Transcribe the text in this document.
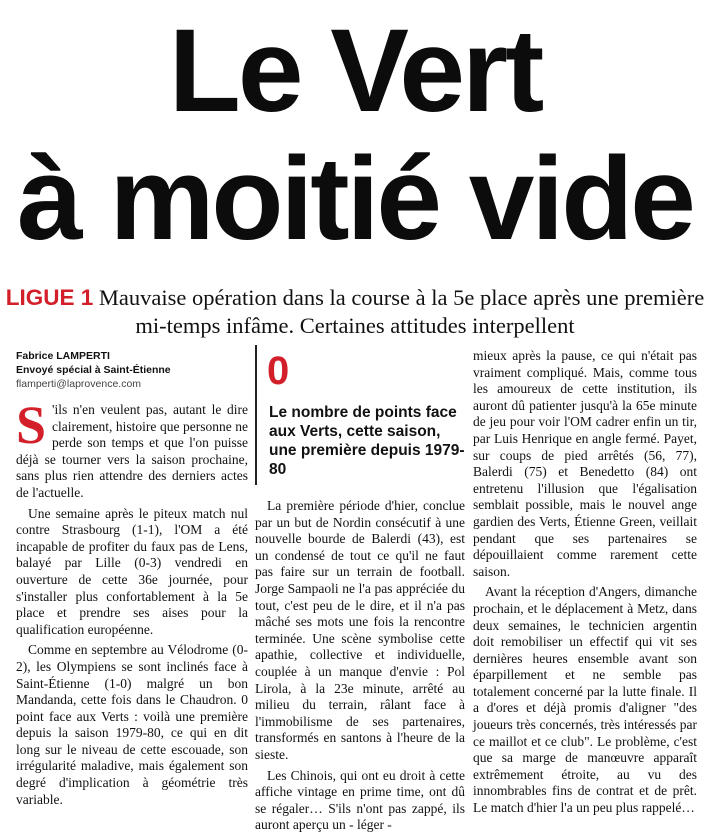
Le Vert
à moitié vide
LIGUE 1 Mauvaise opération dans la course à la 5e place après une première mi-temps infâme. Certaines attitudes interpellent
Fabrice LAMPERTI
Envoyé spécial à Saint-Étienne
flamperti@laprovence.com

S 'ils n'en veulent pas, autant le dire clairement, histoire que personne ne perde son temps et que l'on puisse déjà se tourner vers la saison prochaine, sans plus rien attendre des derniers actes de l'actuelle.

Une semaine après le piteux match nul contre Strasbourg (1-1), l'OM a été incapable de profiter du faux pas de Lens, balayé par Lille (0-3) vendredi en ouverture de cette 36e journée, pour s'installer plus confortablement à la 5e place et prendre ses aises pour la qualification européenne.

Comme en septembre au Vélodrome (0-2), les Olympiens se sont inclinés face à Saint-Étienne (1-0) malgré un bon Mandanda, cette fois dans le Chaudron. 0 point face aux Verts : voilà une première depuis la saison 1979-80, ce qui en dit long sur le niveau de cette escouade, son irrégularité maladive, mais également son degré d'implication à géométrie très variable.

0
Le nombre de points face aux Verts, cette saison, une première depuis 1979-80

La première période d'hier, conclue par un but de Nordin consécutif à une nouvelle bourde de Balerdi (43), est un condensé de tout ce qu'il ne faut pas faire sur un terrain de football. Jorge Sampaoli ne l'a pas appréciée du tout, c'est peu de le dire, et il n'a pas mâché ses mots une fois la rencontre terminée. Une scène symbolise cette apathie, collective et individuelle, couplée à un manque d'envie : Pol Lirola, à la 23e minute, arrêté au milieu du terrain, râlant face à l'immobilisme de ses partenaires, transformés en santons à l'heure de la sieste.

Les Chinois, qui ont eu droit à cette affiche vintage en prime time, ont dû se régaler… S'ils n'ont pas zappé, ils auront aperçu un - léger -

mieux après la pause, ce qui n'était pas vraiment compliqué. Mais, comme tous les amoureux de cette institution, ils auront dû patienter jusqu'à la 65e minute de jeu pour voir l'OM cadrer enfin un tir, par Luis Henrique en angle fermé. Payet, sur coups de pied arrêtés (56, 77), Balerdi (75) et Benedetto (84) ont entretenu l'illusion que l'égalisation semblait possible, mais le nouvel ange gardien des Verts, Étienne Green, veillait pendant que ses partenaires se dépouillaient comme rarement cette saison.

Avant la réception d'Angers, dimanche prochain, et le déplacement à Metz, dans deux semaines, le technicien argentin doit remobiliser un effectif qui vit ses dernières heures ensemble avant son éparpillement et ne semble pas totalement concerné par la lutte finale. Il a d'ores et déjà promis d'aligner "des joueurs très concernés, très intéressés par ce maillot et ce club". Le problème, c'est que sa marge de manœuvre apparaît extrêmement étroite, au vu des innombrables fins de contrat et de prêt. Le match d'hier l'a un peu plus rappelé…
